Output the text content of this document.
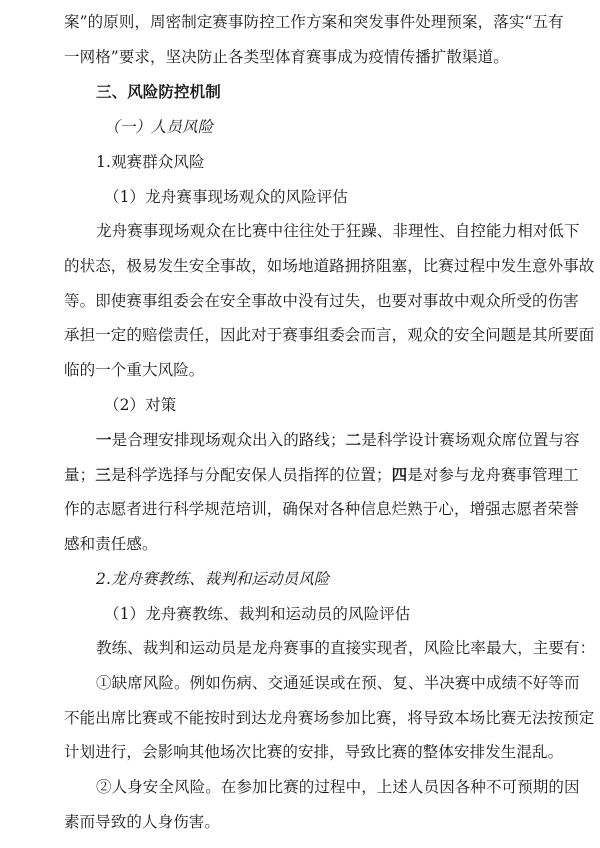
案”的原则，周密制定赛事防控工作方案和突发事件处理预案，落实“五有
一网格”要求，坚决防止各类型体育赛事成为疫情传播扩散渠道。
三、风险防控机制
（一）人员风险
1.观赛群众风险
（1）龙舟赛事现场观众的风险评估
龙舟赛事现场观众在比赛中往往处于狂躁、非理性、自控能力相对低下
的状态，极易发生安全事故，如场地道路拥挤阻塞，比赛过程中发生意外事故
等。即使赛事组委会在安全事故中没有过失，也要对事故中观众所受的伤害
承担一定的赔偿责任，因此对于赛事组委会而言，观众的安全问题是其所要面
临的一个重大风险。
（2）对策
一是合理安排现场观众出入的路线；二是科学设计赛场观众席位置与容
量；三是科学选择与分配安保人员指挥的位置；四是对参与龙舟赛事管理工
作的志愿者进行科学规范培训，确保对各种信息烂熟于心，增强志愿者荣誉
感和责任感。
2.龙舟赛教练、裁判和运动员风险
（1）龙舟赛教练、裁判和运动员的风险评估
教练、裁判和运动员是龙舟赛事的直接实现者，风险比率最大，主要有：
①缺席风险。例如伤病、交通延误或在预、复、半决赛中成绩不好等而
不能出席比赛或不能按时到达龙舟赛场参加比赛，将导致本场比赛无法按预定
计划进行，会影响其他场次比赛的安排，导致比赛的整体安排发生混乱。
②人身安全风险。在参加比赛的过程中，上述人员因各种不可预期的因
素而导致的人身伤害。
